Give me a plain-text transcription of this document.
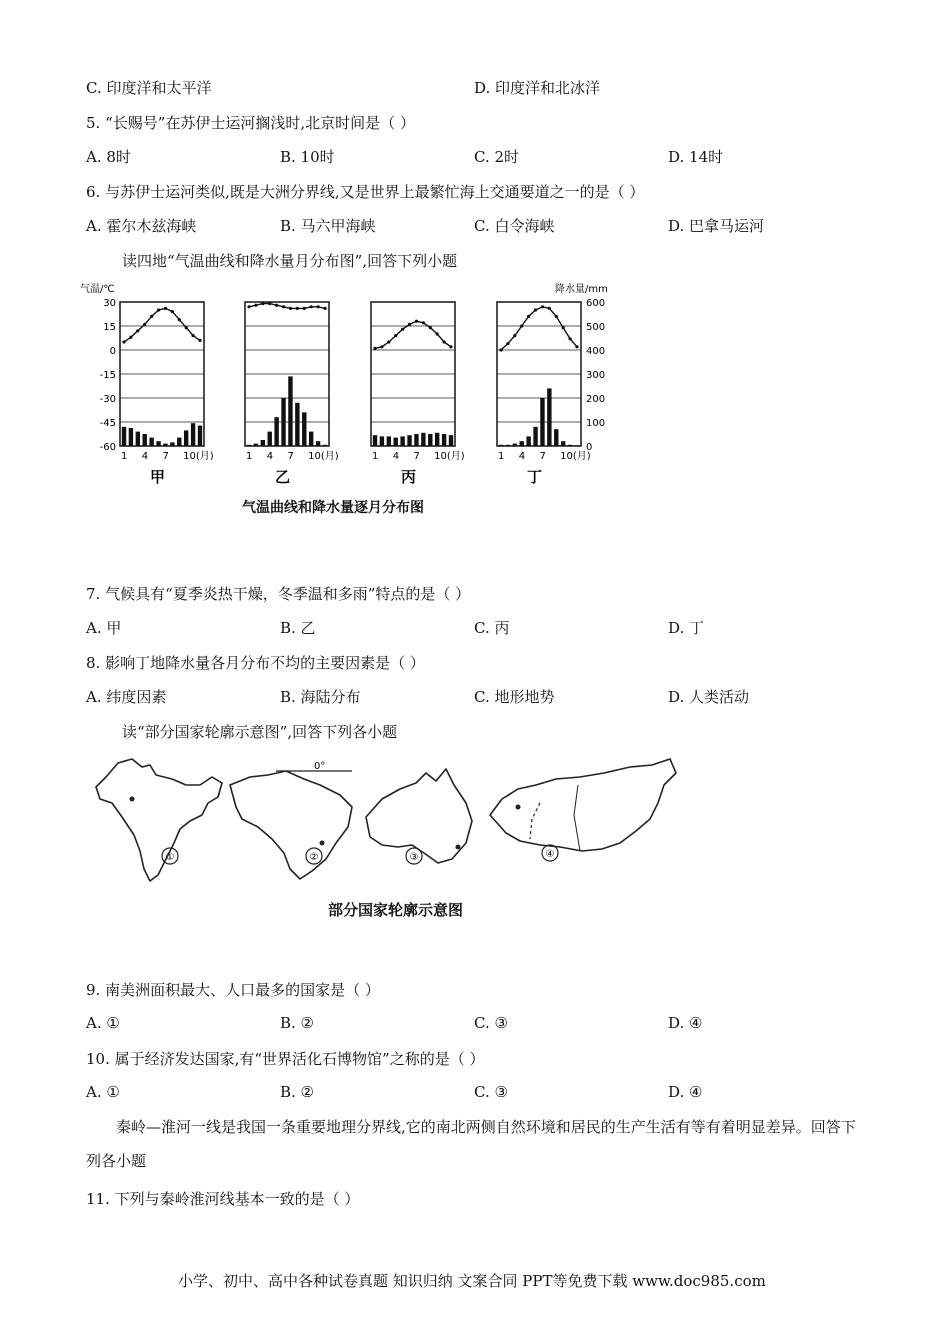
C. 印度洋和太平洋	D. 印度洋和北冰洋
5. “长赐号”在苏伊士运河搁浅时,北京时间是（ ）
A. 8时	B. 10时	C. 2时	D. 14时
6. 与苏伊士运河类似,既是大洲分界线,又是世界上最繁忙海上交通要道之一的是（ ）
A. 霍尔木兹海峡	B. 马六甲海峡	C. 白令海峡	D. 巴拿马运河
读四地“气温曲线和降水量月分布图”,回答下列小题
气温/℃	降水量/mm
30
15
0
-15
-30
-45
-60
600
500
400
300
200
100
0
1 4 7 10(月)
甲
1 4 7 10(月)
乙
1 4 7 10(月)
丙
1 4 7 10(月)
丁
气温曲线和降水量逐月分布图
7. 气候具有“夏季炎热干燥，冬季温和多雨”特点的是（ ）
A. 甲	B. 乙	C. 丙	D. 丁
8. 影响丁地降水量各月分布不均的主要因素是（ ）
A. 纬度因素	B. 海陆分布	C. 地形地势	D. 人类活动
读“部分国家轮廓示意图”,回答下列各小题
①	②	③	④
0°
部分国家轮廓示意图
9. 南美洲面积最大、人口最多的国家是（ ）
A. ①	B. ②	C. ③	D. ④
10. 属于经济发达国家,有“世界活化石博物馆”之称的是（ ）
A. ①	B. ②	C. ③	D. ④
秦岭—淮河一线是我国一条重要地理分界线,它的南北两侧自然环境和居民的生产生活有等有着明显差异。回答下列各小题
11. 下列与秦岭淮河线基本一致的是（ ）
小学、初中、高中各种试卷真题 知识归纳 文案合同 PPT等免费下载 www.doc985.com
